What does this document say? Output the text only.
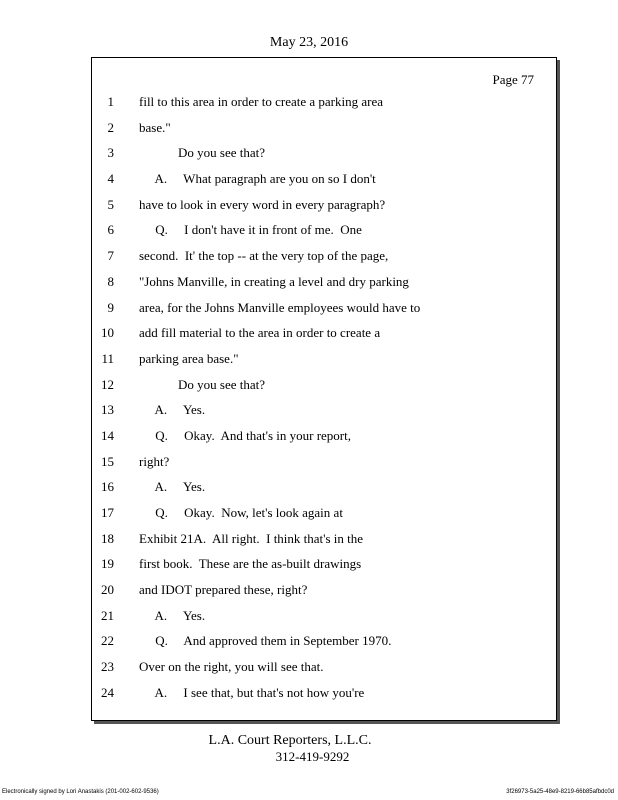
May 23, 2016
Page 77
1 fill to this area in order to create a parking area
2 base."
3 Do you see that?
4 A.     What paragraph are you on so I don't
5 have to look in every word in every paragraph?
6 Q.     I don't have it in front of me.  One
7 second.  It' the top -- at the very top of the page,
8 "Johns Manville, in creating a level and dry parking
9 area, for the Johns Manville employees would have to
10 add fill material to the area in order to create a
11 parking area base."
12 Do you see that?
13 A.     Yes.
14 Q.     Okay.  And that's in your report,
15 right?
16 A.     Yes.
17 Q.     Okay.  Now, let's look again at
18 Exhibit 21A.  All right.  I think that's in the
19 first book.  These are the as-built drawings
20 and IDOT prepared these, right?
21 A.     Yes.
22 Q.     And approved them in September 1970.
23 Over on the right, you will see that.
24 A.     I see that, but that's not how you're
L.A. Court Reporters, L.L.C.
312-419-9292
Electronically signed by Lori Anastakis (201-002-602-9536)	3f26973-5a25-48e9-8219-66b85afbdc0d
